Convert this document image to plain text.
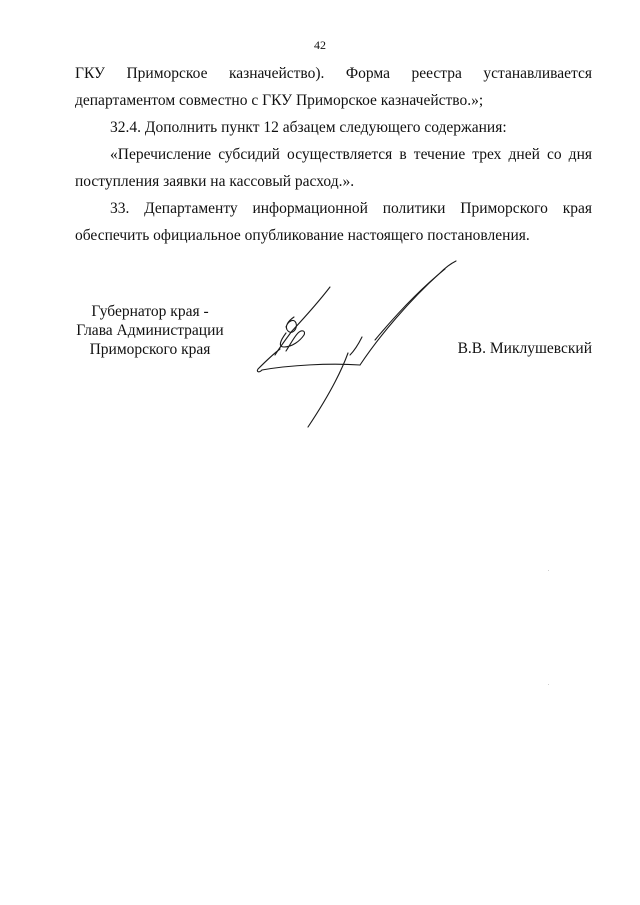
42

ГКУ Приморское казначейство). Форма реестра устанавливается
департаментом совместно с ГКУ Приморское казначейство.»;

32.4. Дополнить пункт 12 абзацем следующего содержания:

«Перечисление субсидий осуществляется в течение трех дней со дня
поступления заявки на кассовый расход.».

33. Департаменту информационной политики Приморского края
обеспечить официальное опубликование настоящего постановления.

Губернатор края -
Глава Администрации
Приморского края	В.В. Миклушевский
